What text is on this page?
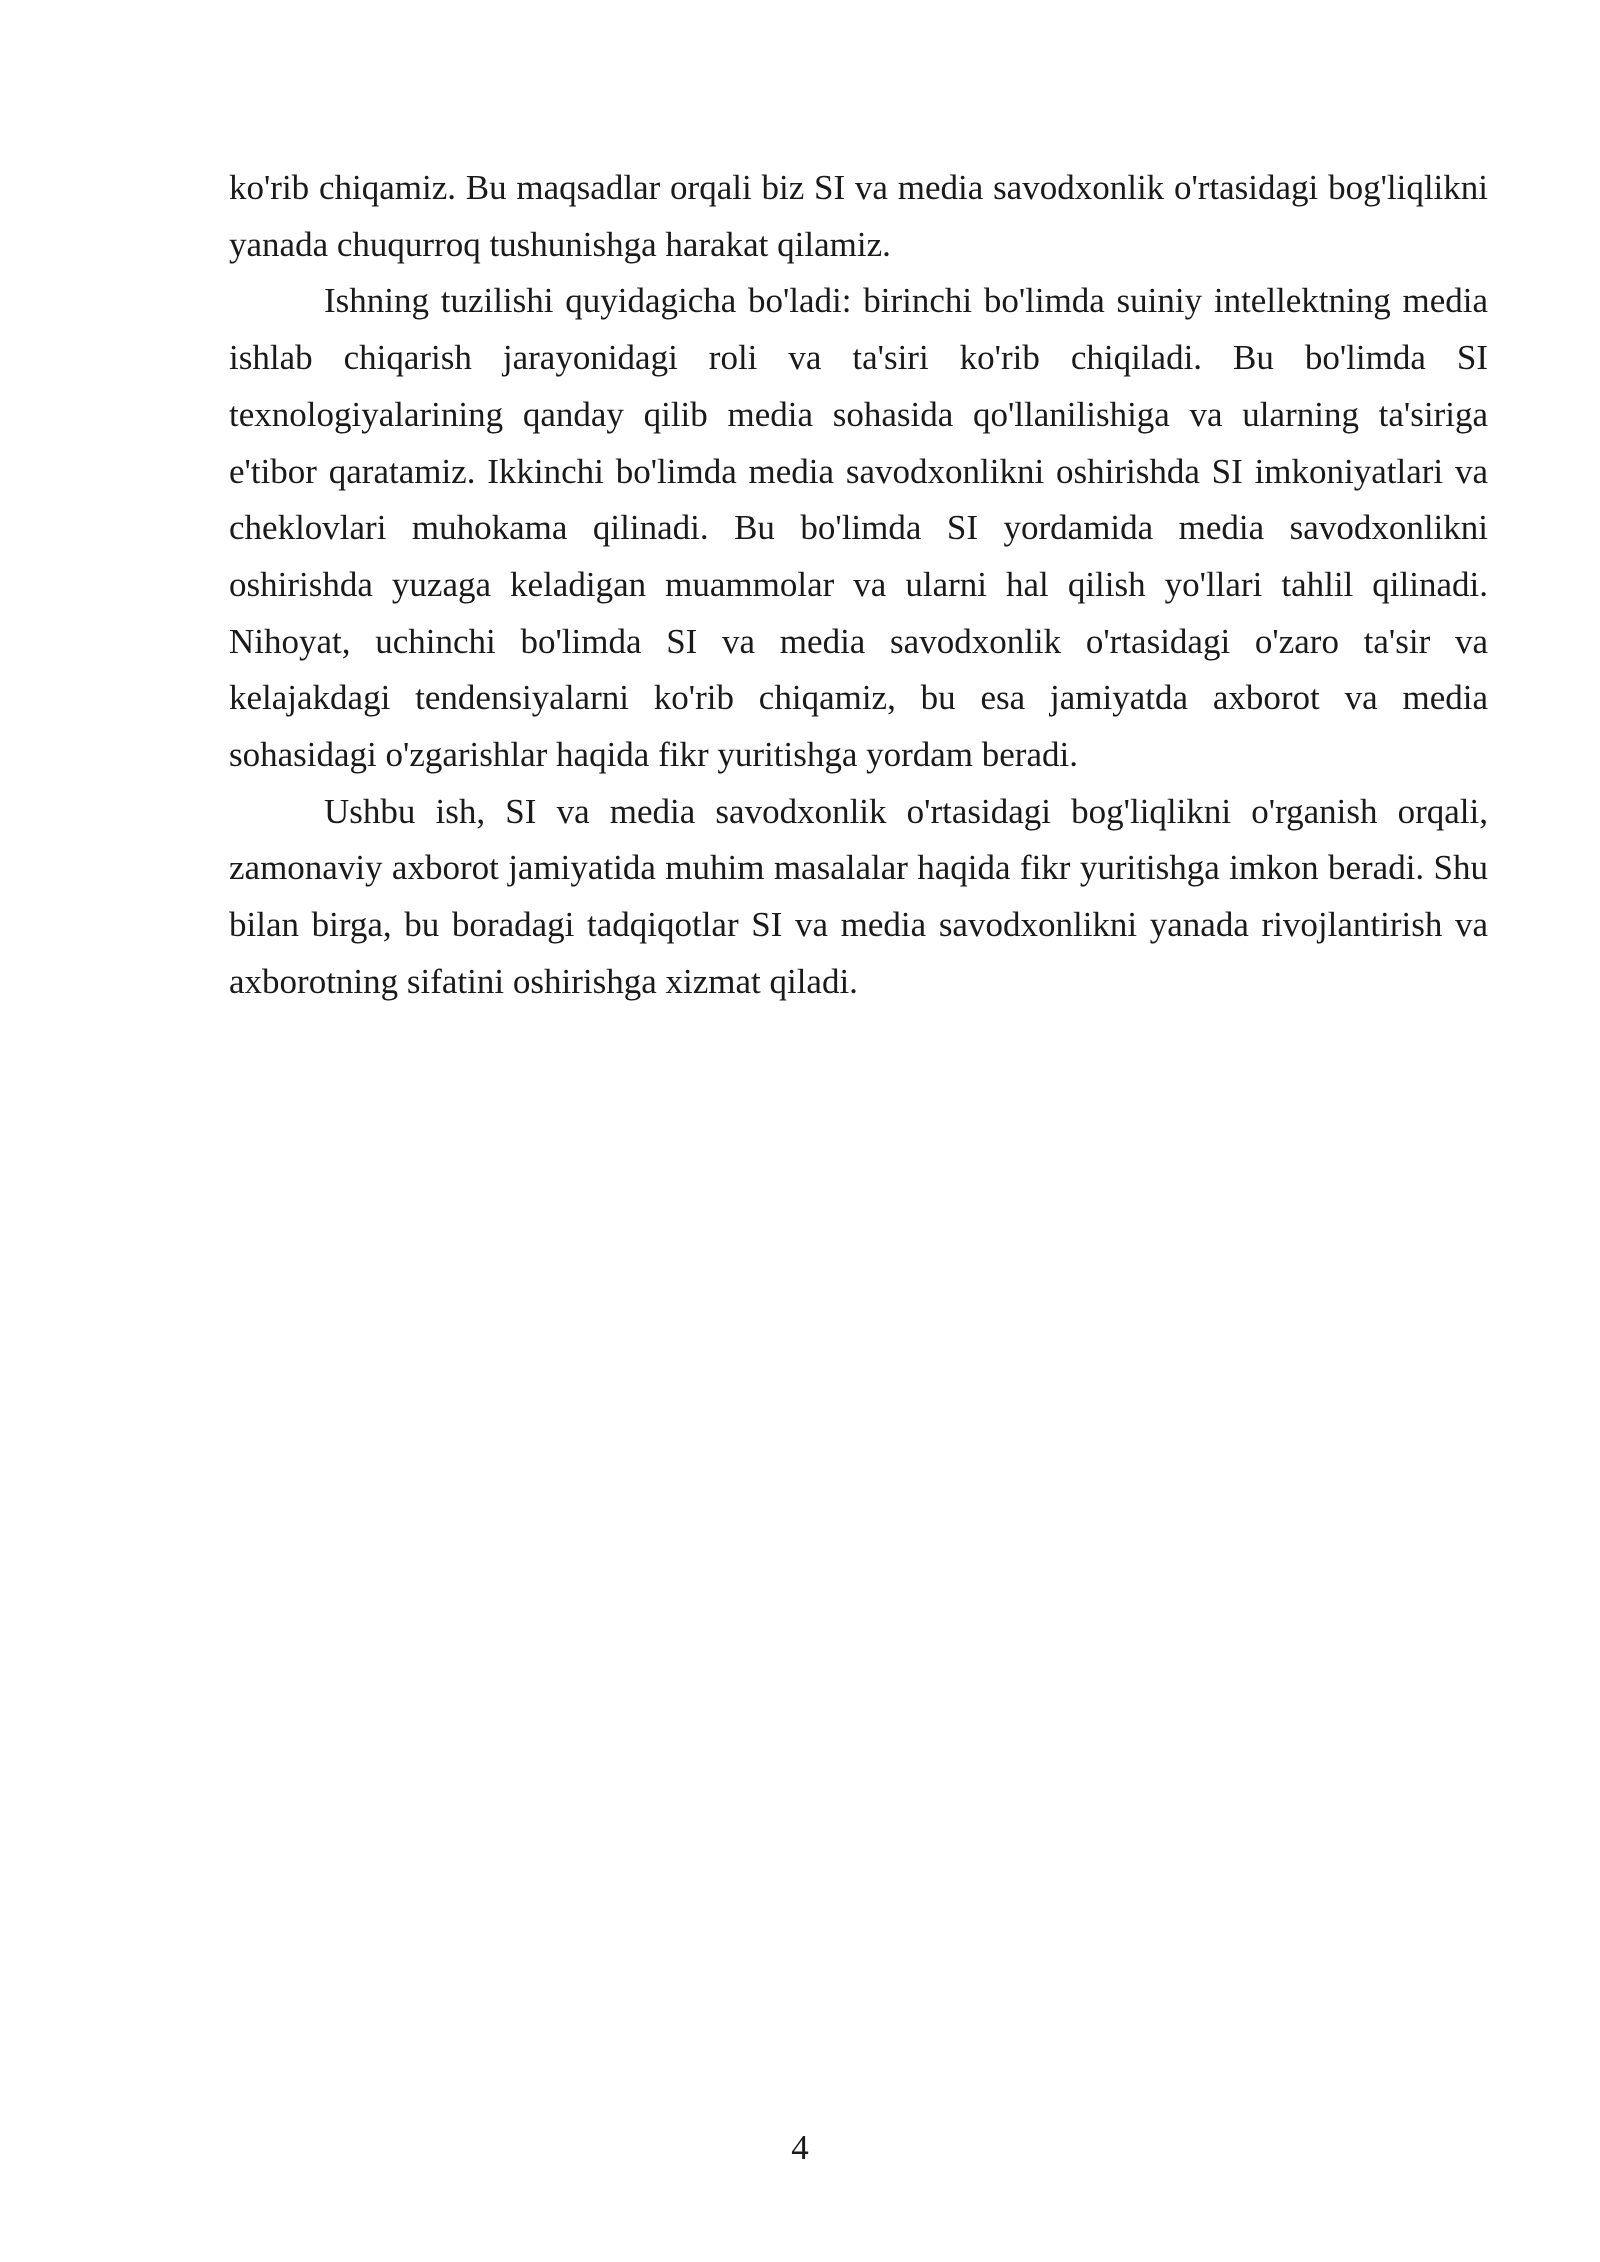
ko'rib chiqamiz. Bu maqsadlar orqali biz SI va media savodxonlik o'rtasidagi bog'liqlikni yanada chuqurroq tushunishga harakat qilamiz.

Ishning tuzilishi quyidagicha bo'ladi: birinchi bo'limda suiniy intellektning media ishlab chiqarish jarayonidagi roli va ta'siri ko'rib chiqiladi. Bu bo'limda SI texnologiyalarining qanday qilib media sohasida qo'llanilishiga va ularning ta'siriga e'tibor qaratamiz. Ikkinchi bo'limda media savodxonlikni oshirishda SI imkoniyatlari va cheklovlari muhokama qilinadi. Bu bo'limda SI yordamida media savodxonlikni oshirishda yuzaga keladigan muammolar va ularni hal qilish yo'llari tahlil qilinadi. Nihoyat, uchinchi bo'limda SI va media savodxonlik o'rtasidagi o'zaro ta'sir va kelajakdagi tendensiyalarni ko'rib chiqamiz, bu esa jamiyatda axborot va media sohasidagi o'zgarishlar haqida fikr yuritishga yordam beradi.

Ushbu ish, SI va media savodxonlik o'rtasidagi bog'liqlikni o'rganish orqali, zamonaviy axborot jamiyatida muhim masalalar haqida fikr yuritishga imkon beradi. Shu bilan birga, bu boradagi tadqiqotlar SI va media savodxonlikni yanada rivojlantirish va axborotning sifatini oshirishga xizmat qiladi.

4
